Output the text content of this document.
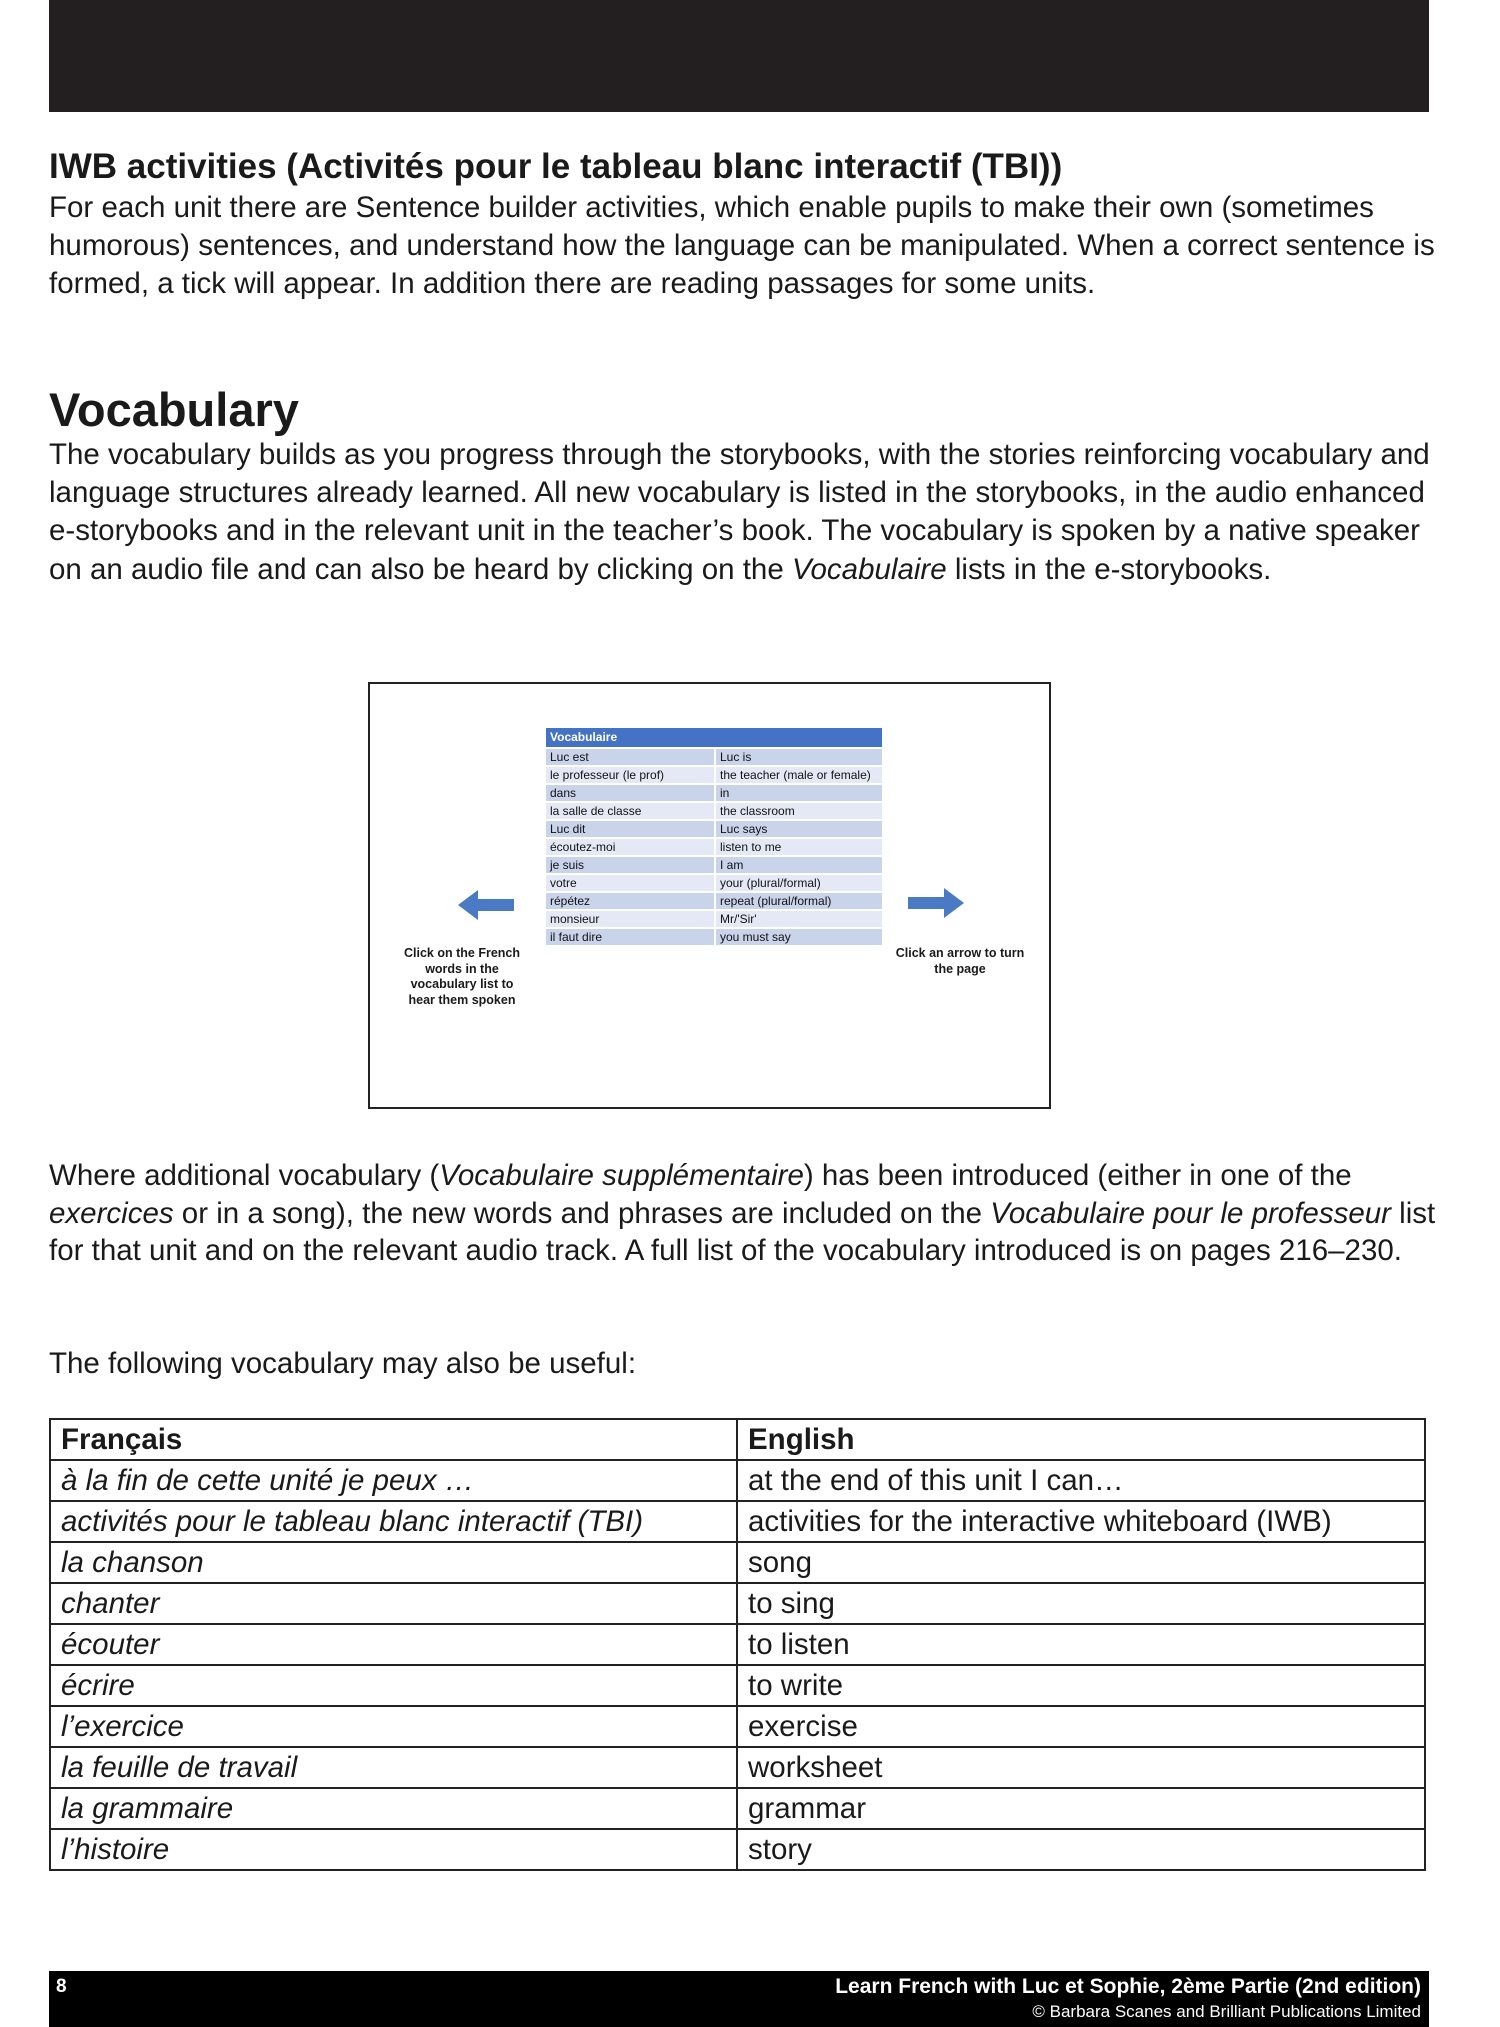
IWB activities (Activités pour le tableau blanc interactif (TBI))

For each unit there are Sentence builder activities, which enable pupils to make their own (sometimes humorous) sentences, and understand how the language can be manipulated. When a correct sentence is formed, a tick will appear. In addition there are reading passages for some units.

Vocabulary

The vocabulary builds as you progress through the storybooks, with the stories reinforcing vocabulary and language structures already learned. All new vocabulary is listed in the storybooks, in the audio enhanced e-storybooks and in the relevant unit in the teacher’s book. The vocabulary is spoken by a native speaker on an audio file and can also be heard by clicking on the Vocabulaire lists in the e-storybooks.

Vocabulaire
Luc est	Luc is
le professeur (le prof)	the teacher (male or female)
dans	in
la salle de classe	the classroom
Luc dit	Luc says
écoutez-moi	listen to me
je suis	I am
votre	your (plural/formal)
répétez	repeat (plural/formal)
monsieur	Mr/'Sir'
il faut dire	you must say
Click on the French words in the vocabulary list to hear them spoken
Click an arrow to turn the page

Where additional vocabulary (Vocabulaire supplémentaire) has been introduced (either in one of the exercices or in a song), the new words and phrases are included on the Vocabulaire pour le professeur list for that unit and on the relevant audio track. A full list of the vocabulary introduced is on pages 216–230.

The following vocabulary may also be useful:

Français	English
à la fin de cette unité je peux …	at the end of this unit I can…
activités pour le tableau blanc interactif (TBI)	activities for the interactive whiteboard (IWB)
la chanson	song
chanter	to sing
écouter	to listen
écrire	to write
l’exercice	exercise
la feuille de travail	worksheet
la grammaire	grammar
l’histoire	story
8	Learn French with Luc et Sophie, 2ème Partie (2nd edition)
© Barbara Scanes and Brilliant Publications Limited
